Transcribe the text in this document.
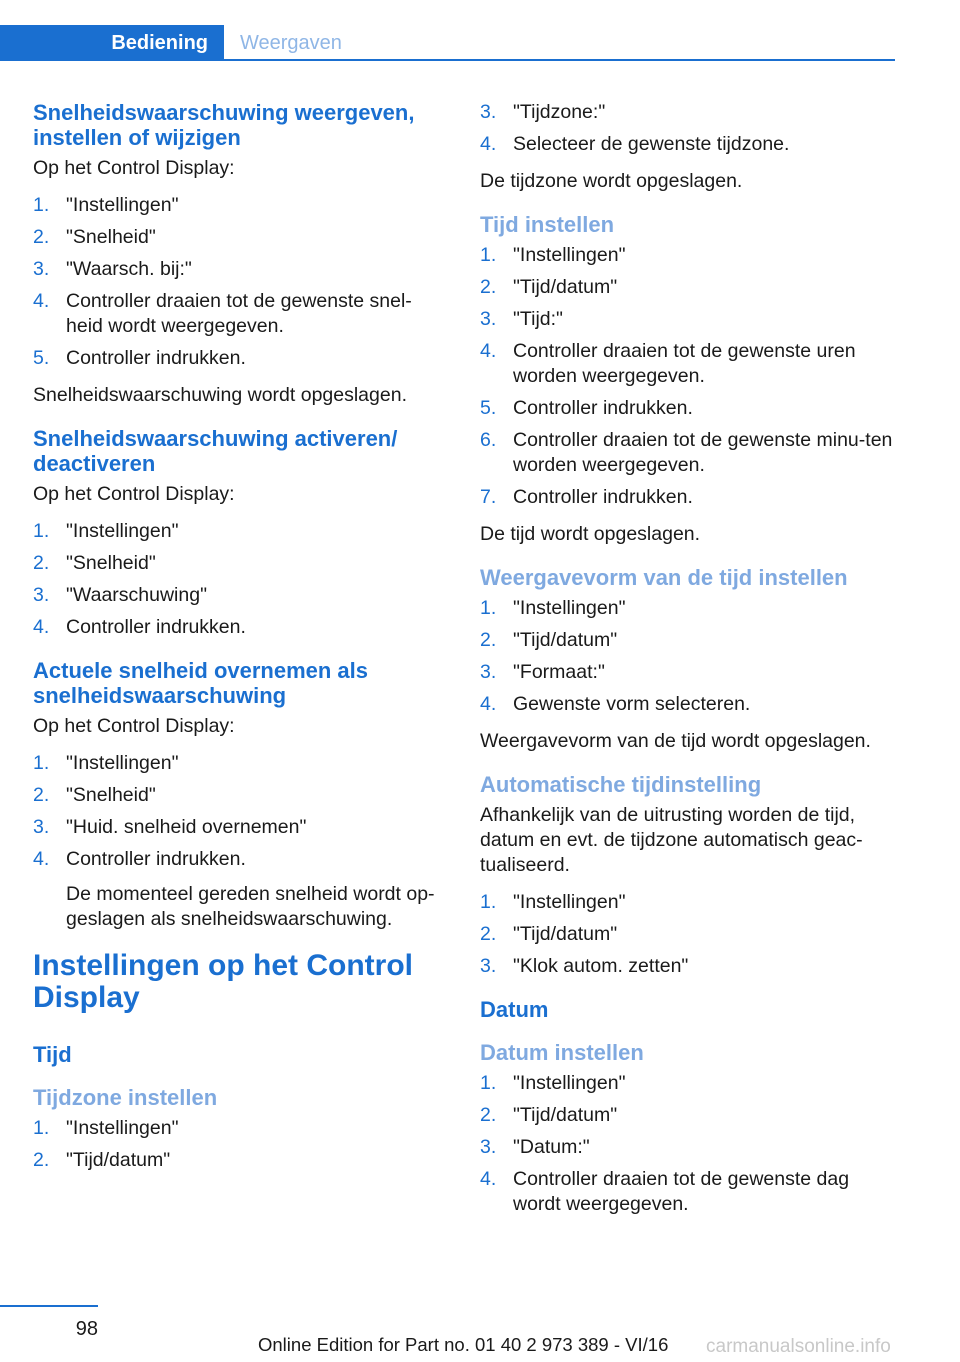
Bediening	Weergaven
Snelheidswaarschuwing weergeven, instellen of wijzigen
Op het Control Display:
1. "Instellingen"
2. "Snelheid"
3. "Waarsch. bij:"
4. Controller draaien tot de gewenste snel-heid wordt weergegeven.
5. Controller indrukken.
Snelheidswaarschuwing wordt opgeslagen.
Snelheidswaarschuwing activeren/ deactiveren
Op het Control Display:
1. "Instellingen"
2. "Snelheid"
3. "Waarschuwing"
4. Controller indrukken.
Actuele snelheid overnemen als snelheidswaarschuwing
Op het Control Display:
1. "Instellingen"
2. "Snelheid"
3. "Huid. snelheid overnemen"
4. Controller indrukken.
De momenteel gereden snelheid wordt op-geslagen als snelheidswaarschuwing.
Instellingen op het Control Display
Tijd
Tijdzone instellen
1. "Instellingen"
2. "Tijd/datum"
3. "Tijdzone:"
4. Selecteer de gewenste tijdzone.
De tijdzone wordt opgeslagen.
Tijd instellen
1. "Instellingen"
2. "Tijd/datum"
3. "Tijd:"
4. Controller draaien tot de gewenste uren worden weergegeven.
5. Controller indrukken.
6. Controller draaien tot de gewenste minu-ten worden weergegeven.
7. Controller indrukken.
De tijd wordt opgeslagen.
Weergavevorm van de tijd instellen
1. "Instellingen"
2. "Tijd/datum"
3. "Formaat:"
4. Gewenste vorm selecteren.
Weergavevorm van de tijd wordt opgeslagen.
Automatische tijdinstelling
Afhankelijk van de uitrusting worden de tijd, datum en evt. de tijdzone automatisch geac-tualiseerd.
1. "Instellingen"
2. "Tijd/datum"
3. "Klok autom. zetten"
Datum
Datum instellen
1. "Instellingen"
2. "Tijd/datum"
3. "Datum:"
4. Controller draaien tot de gewenste dag wordt weergegeven.
98
Online Edition for Part no. 01 40 2 973 389 - VI/16 carmanualsonline.info
